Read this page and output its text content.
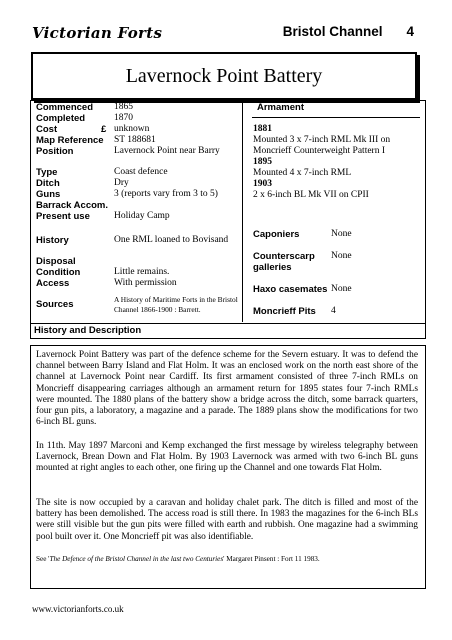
Victorian Forts	Bristol Channel 4
Lavernock Point Battery
Commenced 1865
Completed	1870
Cost	£ unknown
Map Reference ST 188681
Position	Lavernock Point near Barry
Type	Coast defence
Ditch	Dry
Guns	3 (reports vary from 3 to 5)
Barrack Accom.
Present use	Holiday Camp
History	One RML loaned to Bovisand
Disposal
Condition	Little remains.
Access	With permission
Sources	A History of Maritime Forts in the Bristol
Channel 1866-1900 : Barrett.
Armament
1881
Mounted 3 x 7-inch RML Mk III on
Moncrieff Counterweight Pattern I
1895
Mounted 4 x 7-inch RML
1903
2 x 6-inch BL Mk VII on CPII
Caponiers	None
Counterscarp
galleries
None
Haxo casemates None
Moncrieff Pits 4
History and Description
Lavernock Point Battery was part of the defence scheme for the Severn estuary. It was to defend the channel between Barry Island and Flat Holm. It was an enclosed work on the north east shore of the channel at Lavernock Point near Cardiff. Its first armament consisted of three 7-inch RMLs on Moncrieff disappearing carriages although an armament return for 1895 states four 7-inch RMLs were mounted. The 1880 plans of the battery show a bridge across the ditch, some barrack quarters, four gun pits, a laboratory, a magazine and a parade. The 1889 plans show the modifications for two 6-inch BL guns.
In 11th. May 1897 Marconi and Kemp exchanged the first message by wireless telegraphy between Lavernock, Brean Down and Flat Holm. By 1903 Lavernock was armed with two 6-inch BL guns mounted at right angles to each other, one firing up the Channel and one towards Flat Holm.
The site is now occupied by a caravan and holiday chalet park. The ditch is filled and most of the battery has been demolished. The access road is still there. In 1983 the magazines for the 6-inch BLs were still visible but the gun pits were filled with earth and rubbish. One magazine had a swimming pool built over it. One Moncrieff pit was also identifiable.
See 'The Defence of the Bristol Channel in the last two Centuries' Margaret Pinsent : Fort 11 1983.
www.victorianforts.co.uk
